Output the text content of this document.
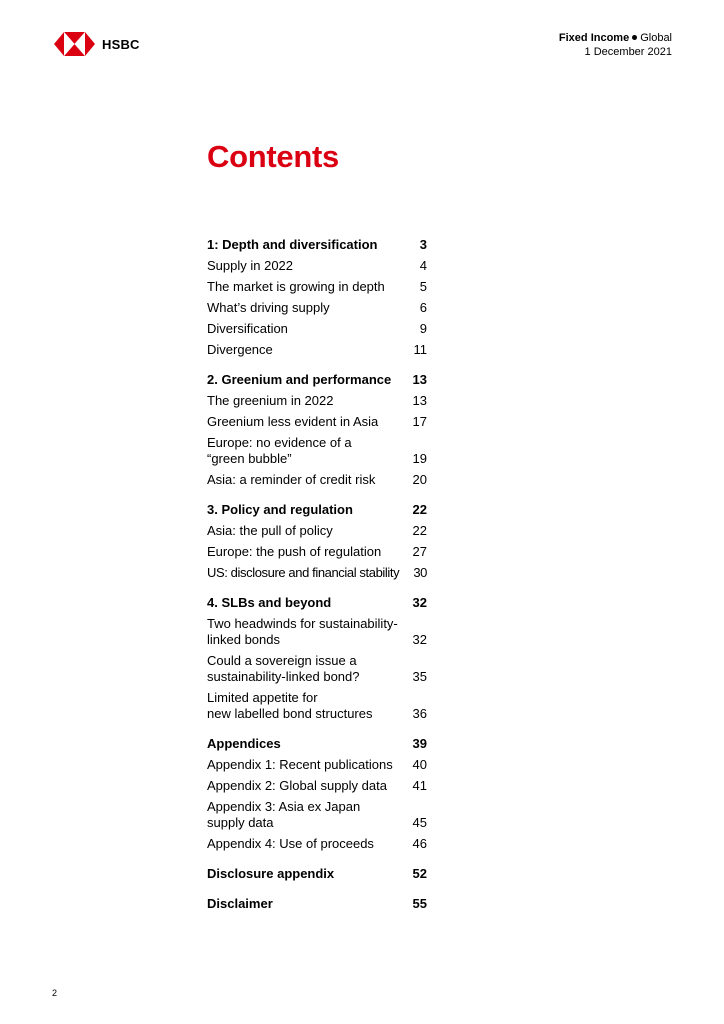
HSBC	Fixed Income Global
1 December 2021
Contents
1: Depth and diversification	3
Supply in 2022	4
The market is growing in depth	5
What’s driving supply	6
Diversification	9
Divergence	11
2. Greenium and performance 13
The greenium in 2022	13
Greenium less evident in Asia	17
Europe: no evidence of a
“green bubble”	19
Asia: a reminder of credit risk	20
3. Policy and regulation	22
Asia: the pull of policy	22
Europe: the push of regulation 27
US: disclosure and financial stability 30
4. SLBs and beyond	32
Two headwinds for sustainability-
linked bonds	32
Could a sovereign issue a
sustainability-linked bond?	35
Limited appetite for
new labelled bond structures	36
Appendices	39
Appendix 1: Recent publications 40
Appendix 2: Global supply data 41
Appendix 3: Asia ex Japan
supply data	45
Appendix 4: Use of proceeds	46
Disclosure appendix	52
Disclaimer	55
2
